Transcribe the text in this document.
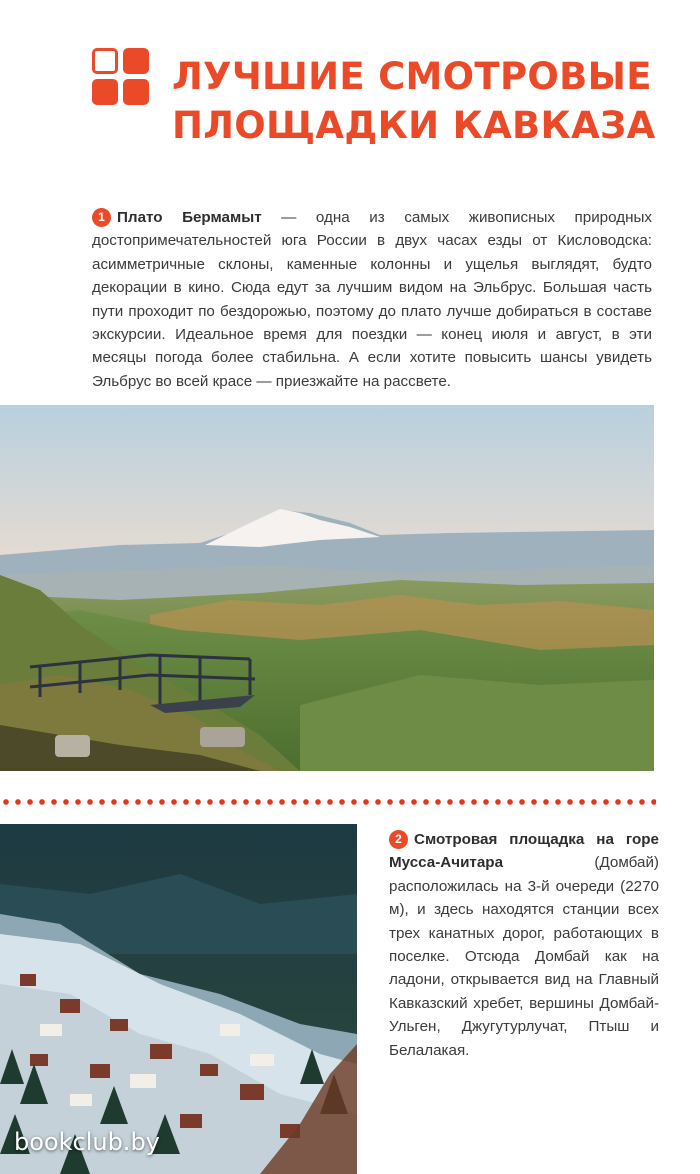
ЛУЧШИЕ СМОТРОВЫЕ
ПЛОЩАДКИ КАВКАЗА

1 Плато Бермамыт — одна из самых живописных природных достопримечательностей юга России в двух часах езды от Кисловодска: асимметричные склоны, каменные колонны и ущелья выглядят, будто декорации в кино. Сюда едут за лучшим видом на Эльбрус. Большая часть пути проходит по бездорожью, поэтому до плато лучше добираться в составе экскурсии. Идеальное время для поездки — конец июля и август, в эти месяцы погода более стабильна. А если хотите повысить шансы увидеть Эльбрус во всей красе — приезжайте на рассвете.

2 Смотровая площадка на горе Мусса-Ачитара (Домбай) расположилась на 3-й очереди (2270 м), и здесь находятся станции всех трех канатных дорог, работающих в поселке. Отсюда Домбай как на ладони, открывается вид на Главный Кавказский хребет, вершины Домбай-Ульген, Джугутурлучат, Птыш и Белалакая.

bookclub.by
